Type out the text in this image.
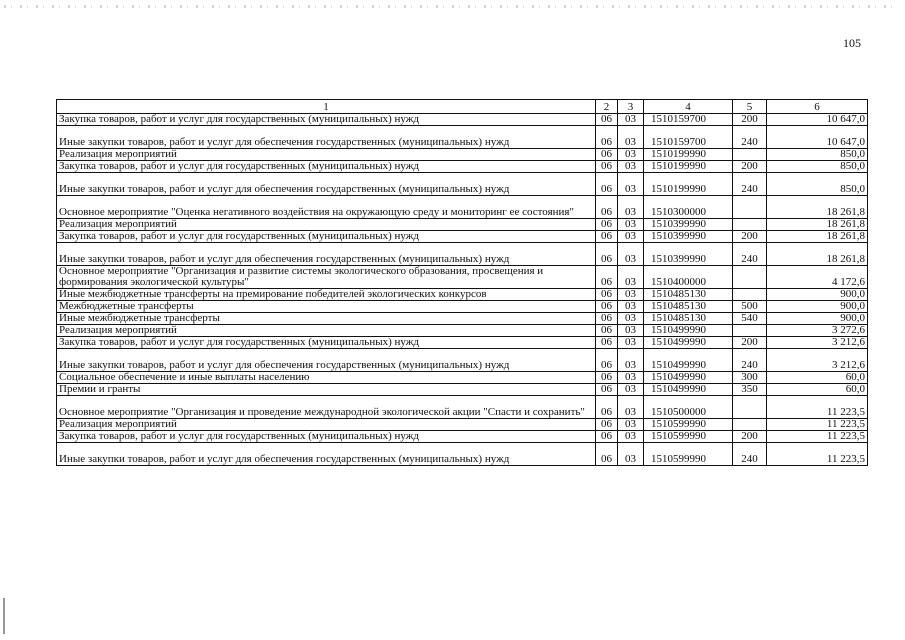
105
1	2	3	4	5	6
Закупка товаров, работ и услуг для государственных (муниципальных) нужд	06	03	1510159700	200	10 647,0
Иные закупки товаров, работ и услуг для обеспечения государственных (муниципальных) нужд	06	03	1510159700	240	10 647,0
Реализация мероприятий	06	03	1510199990		850,0
Закупка товаров, работ и услуг для государственных (муниципальных) нужд	06	03	1510199990	200	850,0
Иные закупки товаров, работ и услуг для обеспечения государственных (муниципальных) нужд	06	03	1510199990	240	850,0
Основное мероприятие "Оценка негативного воздействия на окружающую среду и мониторинг ее состояния"	06	03	1510300000		18 261,8
Реализация мероприятий	06	03	1510399990		18 261,8
Закупка товаров, работ и услуг для государственных (муниципальных) нужд	06	03	1510399990	200	18 261,8
Иные закупки товаров, работ и услуг для обеспечения государственных (муниципальных) нужд	06	03	1510399990	240	18 261,8
Основное мероприятие "Организация и развитие системы экологического образования, просвещения и формирования экологической культуры"	06	03	1510400000		4 172,6
Иные межбюджетные трансферты на премирование победителей экологических конкурсов	06	03	1510485130		900,0
Межбюджетные трансферты	06	03	1510485130	500	900,0
Иные межбюджетные трансферты	06	03	1510485130	540	900,0
Реализация мероприятий	06	03	1510499990		3 272,6
Закупка товаров, работ и услуг для государственных (муниципальных) нужд	06	03	1510499990	200	3 212,6
Иные закупки товаров, работ и услуг для обеспечения государственных (муниципальных) нужд	06	03	1510499990	240	3 212,6
Социальное обеспечение и иные выплаты населению	06	03	1510499990	300	60,0
Премии и гранты	06	03	1510499990	350	60,0
Основное мероприятие "Организация и проведение международной экологической акции "Спасти и сохранить"	06	03	1510500000		11 223,5
Реализация мероприятий	06	03	1510599990		11 223,5
Закупка товаров, работ и услуг для государственных (муниципальных) нужд	06	03	1510599990	200	11 223,5
Иные закупки товаров, работ и услуг для обеспечения государственных (муниципальных) нужд	06	03	1510599990	240	11 223,5
